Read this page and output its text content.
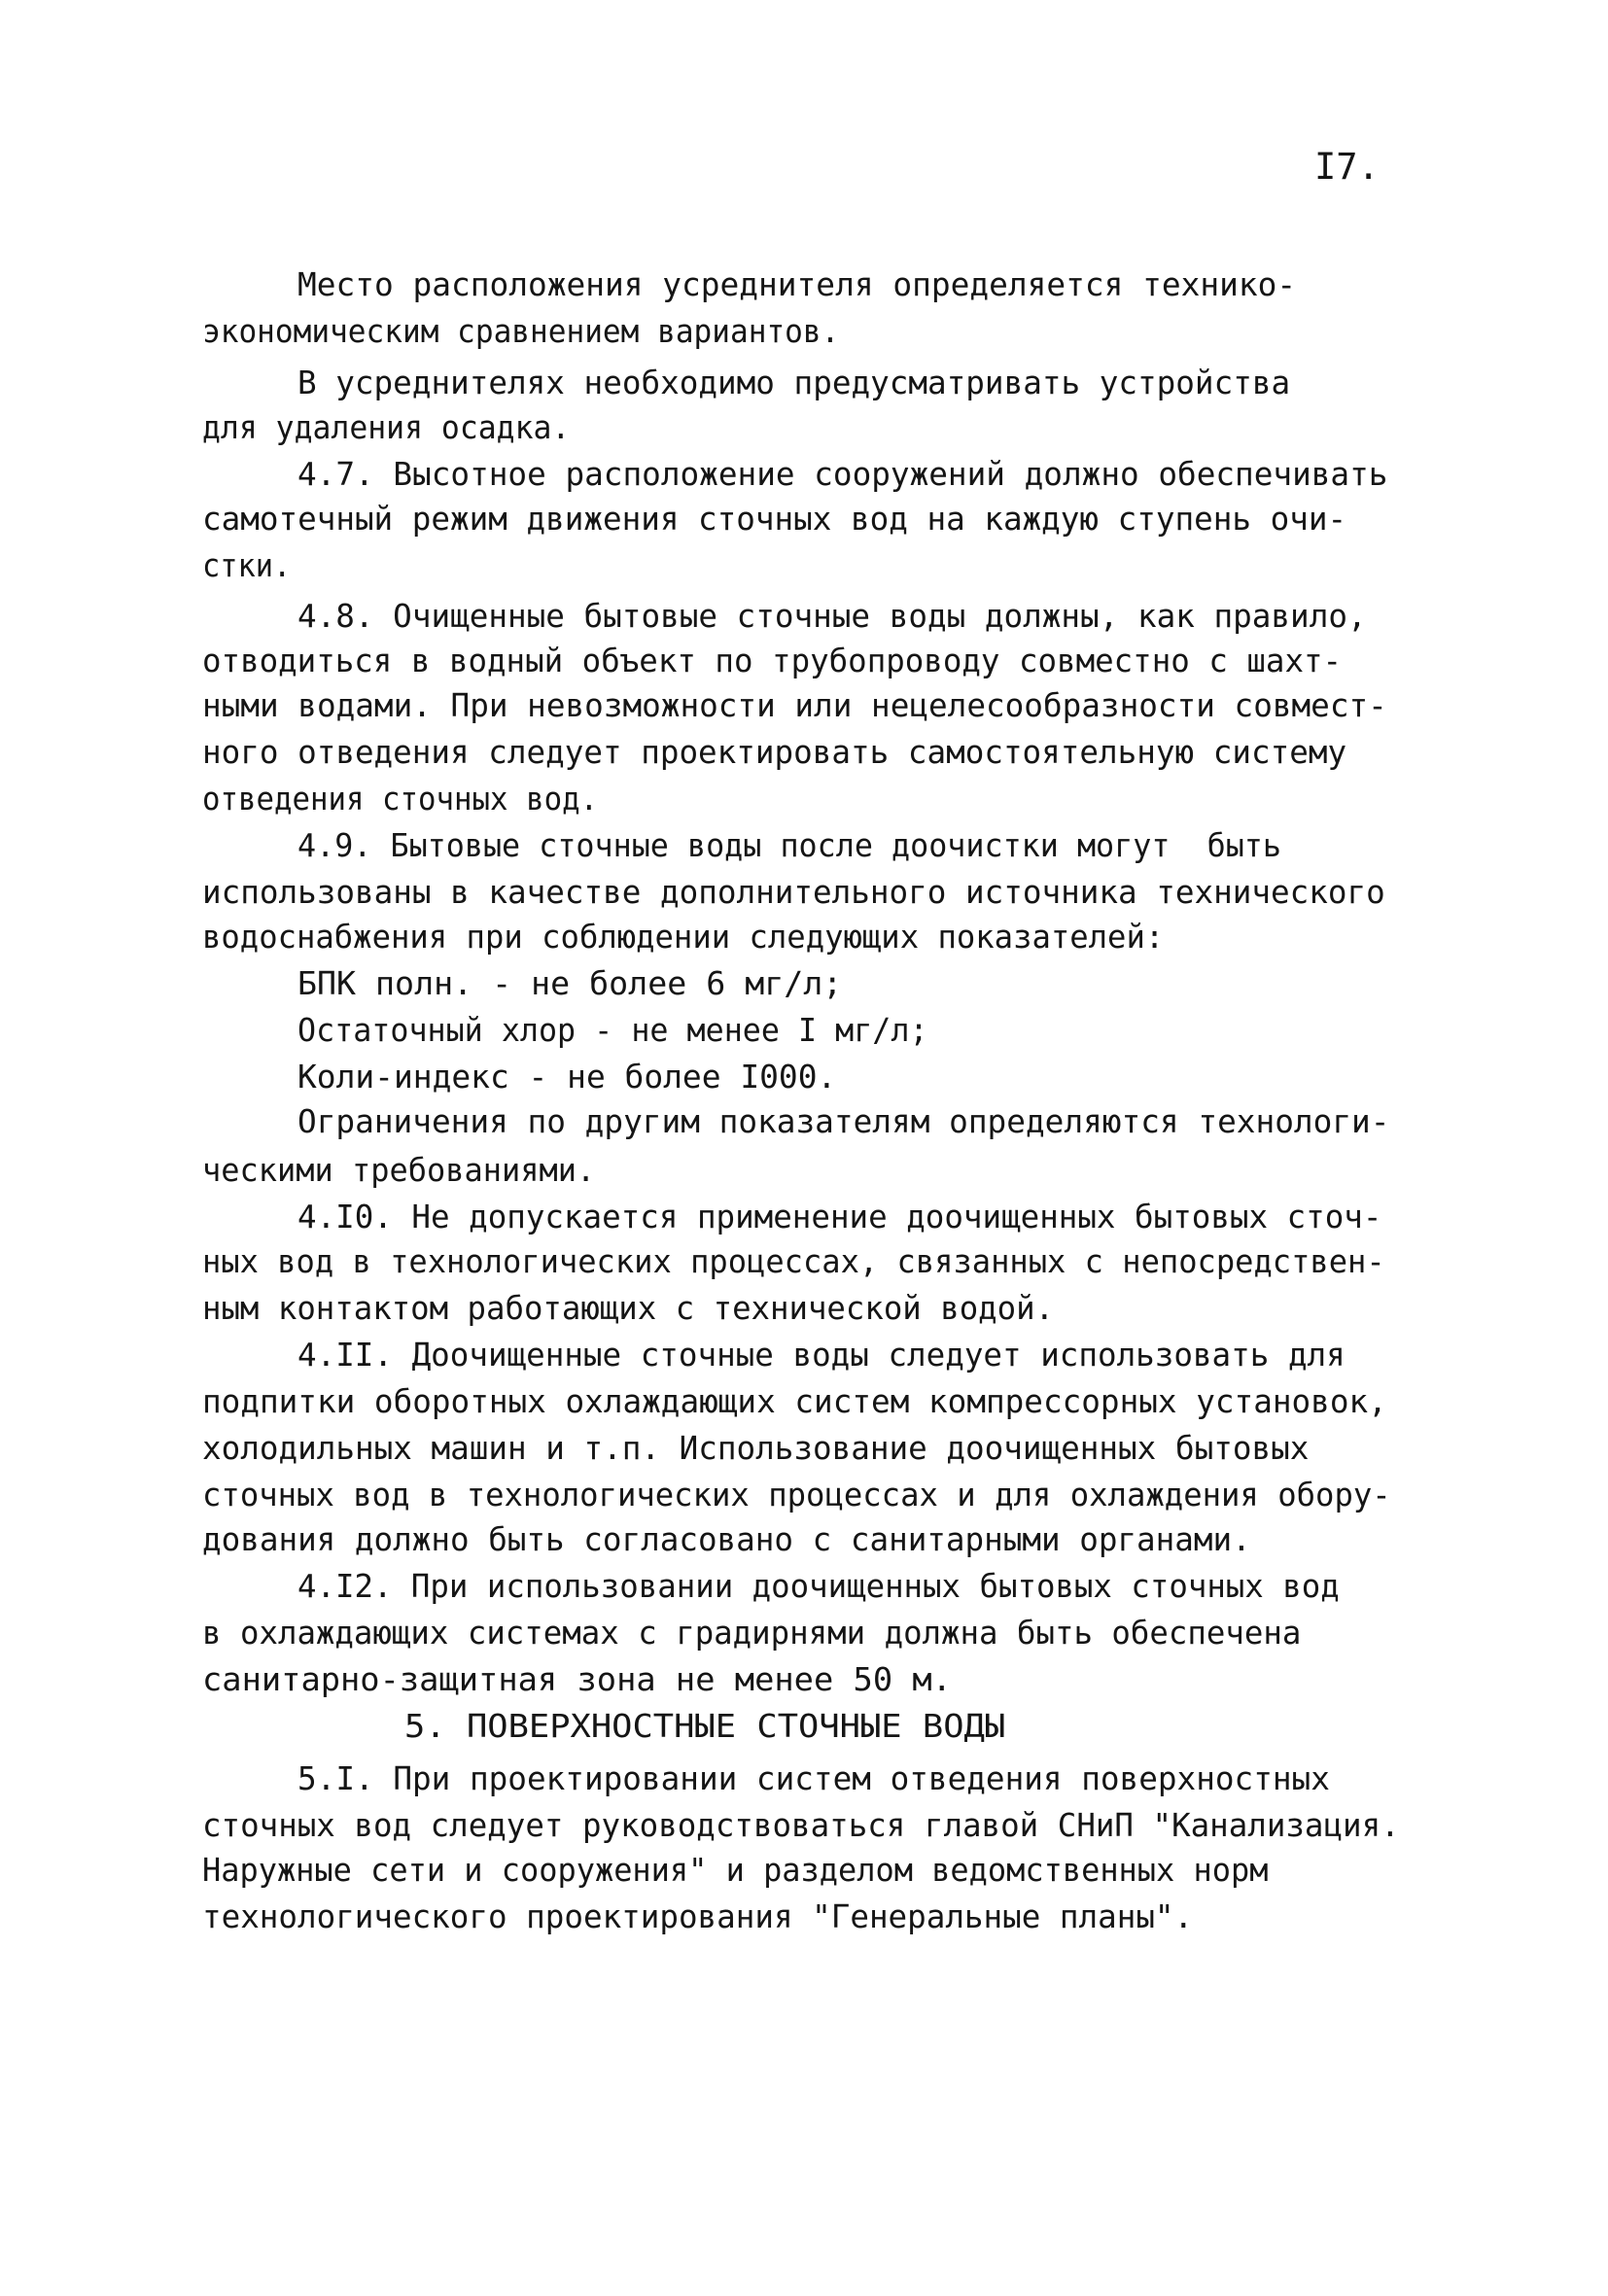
I7.
Место расположения усреднителя определяется технико-
экономическим сравнением вариантов.
В усреднителях необходимо предусматривать устройства
для удаления осадка.
4.7. Высотное расположение сооружений должно обеспечивать
самотечный режим движения сточных вод на каждую ступень очи-
стки.
4.8. Очищенные бытовые сточные воды должны, как правило,
отводиться в водный объект по трубопроводу совместно с шахт-
ными водами. При невозможности или нецелесообразности совмест-
ного отведения следует проектировать самостоятельную систему
отведения сточных вод.
4.9. Бытовые сточные воды после доочистки могут  быть
использованы в качестве дополнительного источника технического
водоснабжения при соблюдении следующих показателей:
БПК полн. - не более 6 мг/л;
Остаточный хлор - не менее I мг/л;
Коли-индекс - не более I000.
Ограничения по другим показателям определяются технологи-
ческими требованиями.
4.I0. Не допускается применение доочищенных бытовых сточ-
ных вод в технологических процессах, связанных с непосредствен-
ным контактом работающих с технической водой.
4.II. Доочищенные сточные воды следует использовать для
подпитки оборотных охлаждающих систем компрессорных установок,
холодильных машин и т.п. Использование доочищенных бытовых
сточных вод в технологических процессах и для охлаждения обору-
дования должно быть согласовано с санитарными органами.
4.I2. При использовании доочищенных бытовых сточных вод
в охлаждающих системах с градирнями должна быть обеспечена
санитарно-защитная зона не менее 50 м.
5. ПОВЕРХНОСТНЫЕ СТОЧНЫЕ ВОДЫ
5.I. При проектировании систем отведения поверхностных
сточных вод следует руководствоваться главой СНиП "Канализация.
Наружные сети и сооружения" и разделом ведомственных норм
технологического проектирования "Генеральные планы".
